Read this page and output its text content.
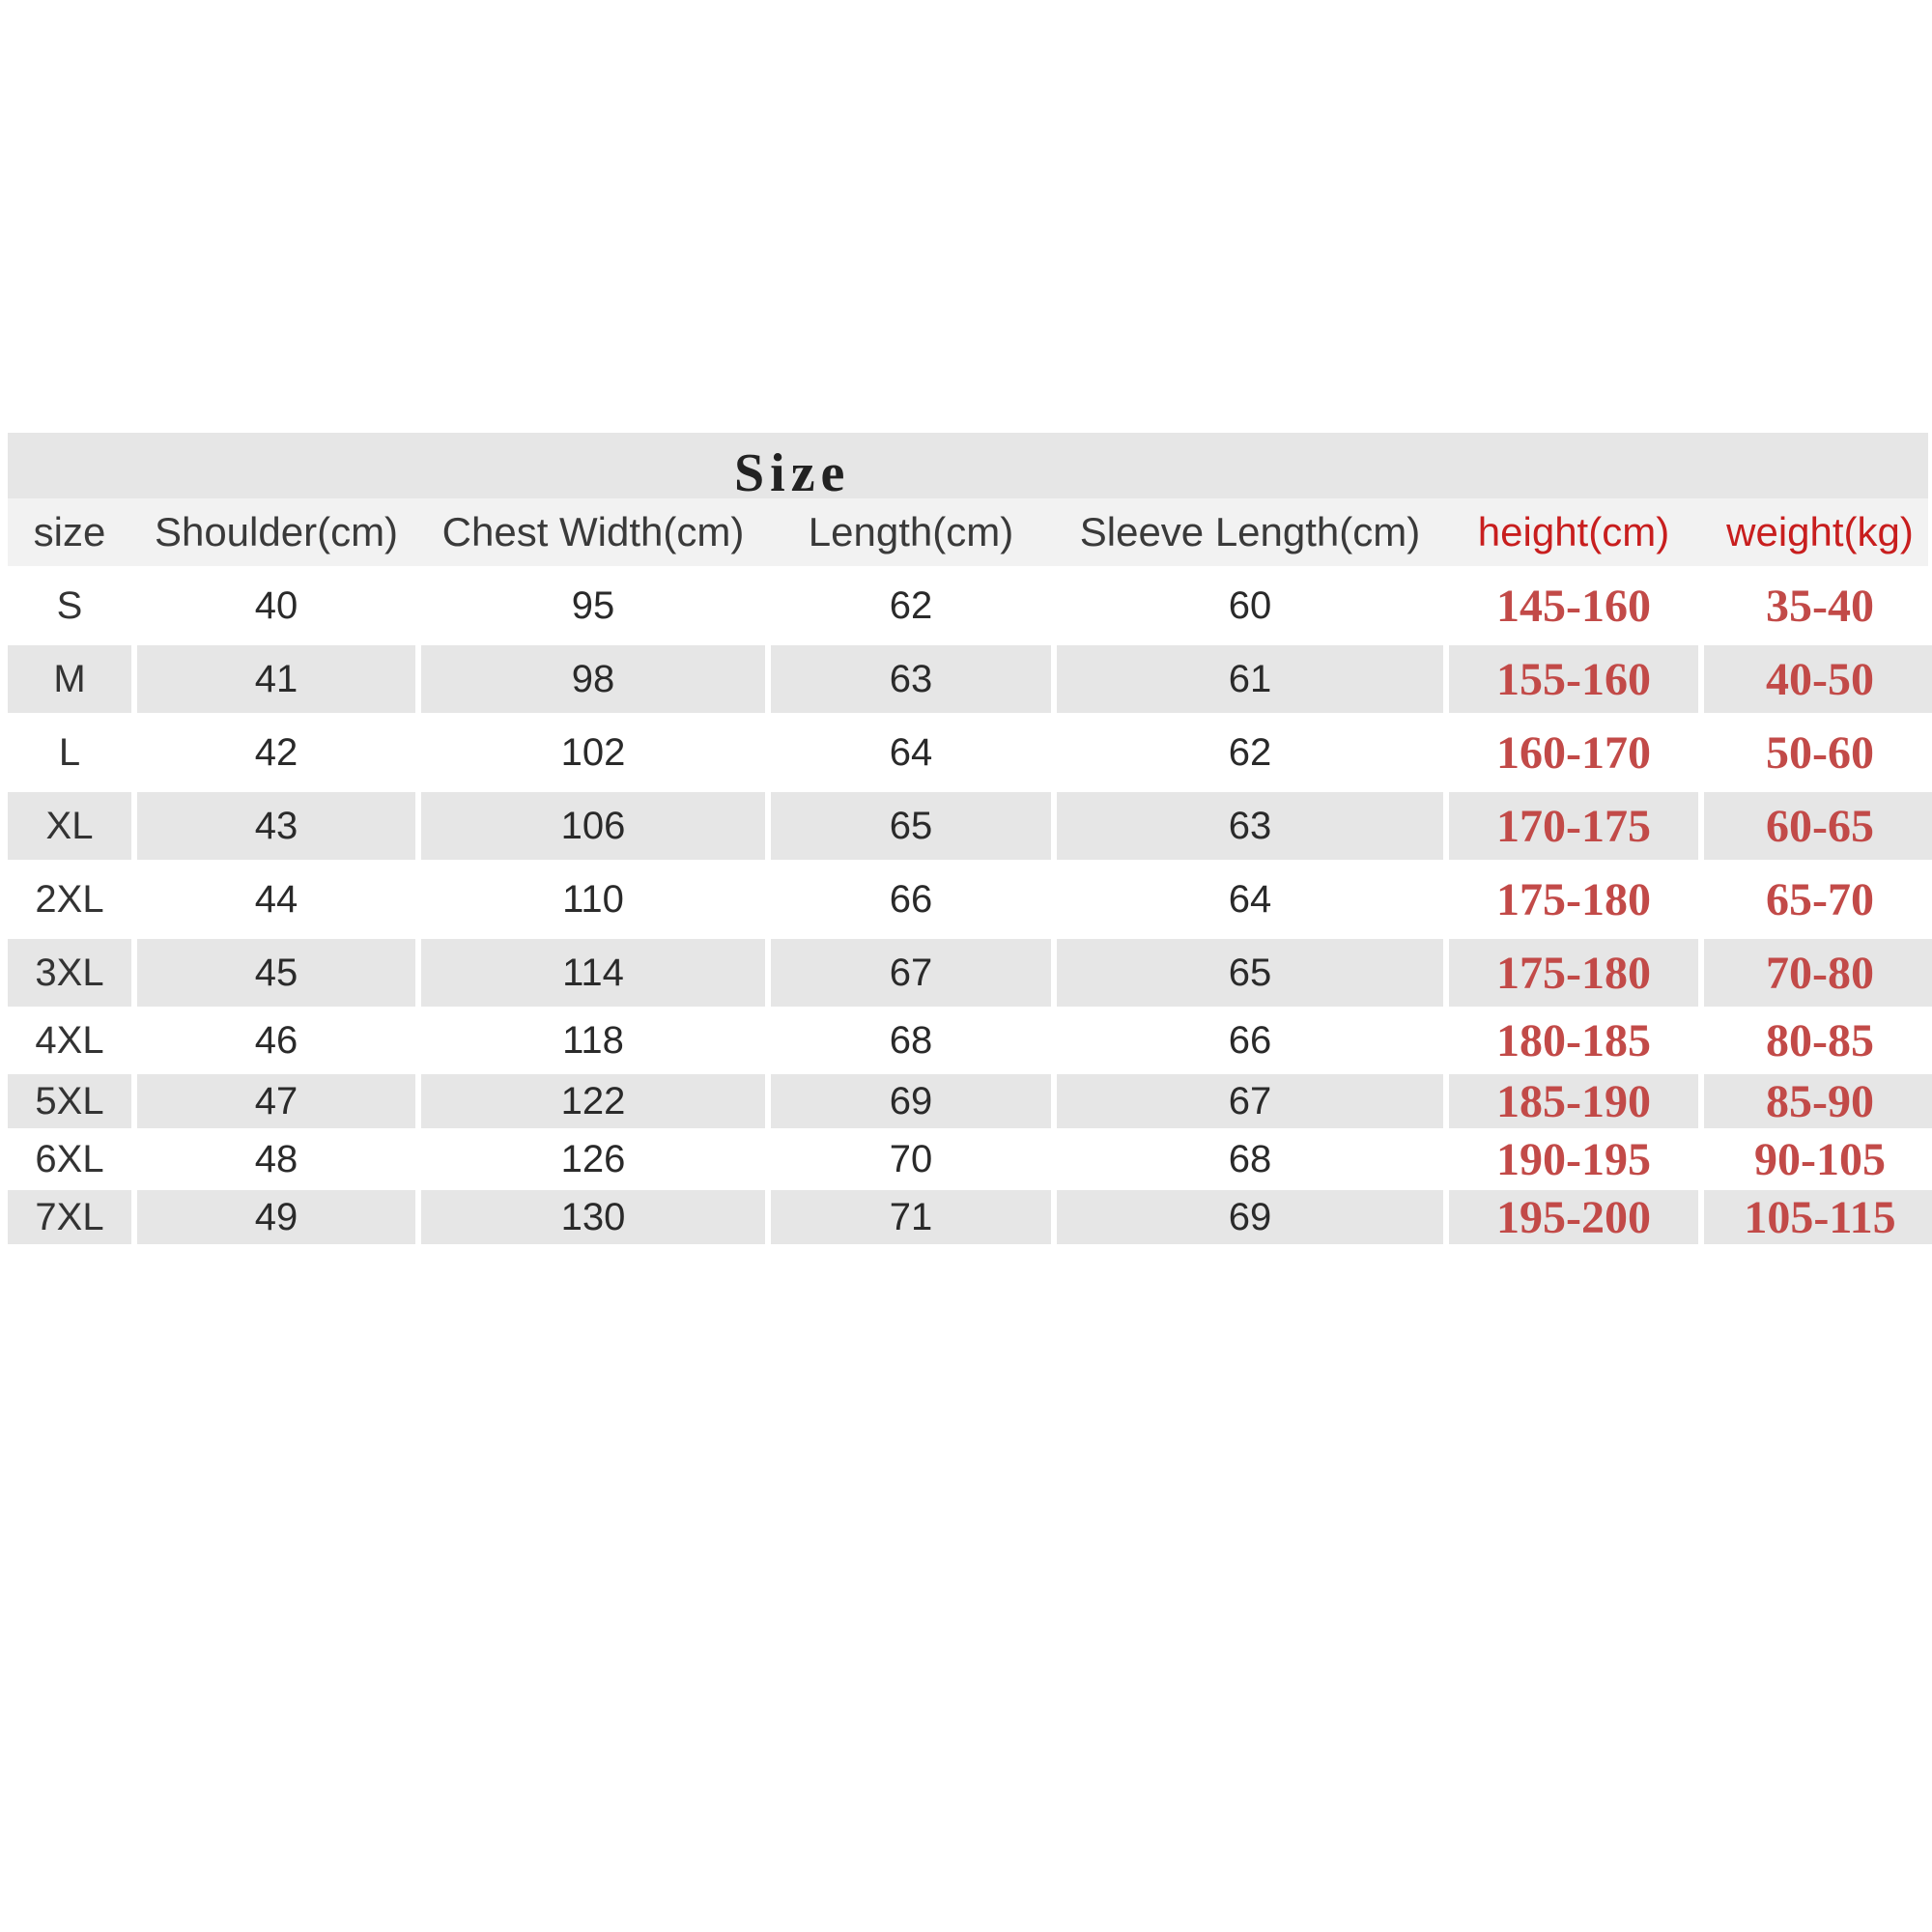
Size
size	Shoulder(cm)	Chest Width(cm)	Length(cm)	Sleeve Length(cm)	height(cm)	weight(kg)
S	40	95	62	60	145-160	35-40
M	41	98	63	61	155-160	40-50
L	42	102	64	62	160-170	50-60
XL	43	106	65	63	170-175	60-65
2XL	44	110	66	64	175-180	65-70
3XL	45	114	67	65	175-180	70-80
4XL	46	118	68	66	180-185	80-85
5XL	47	122	69	67	185-190	85-90
6XL	48	126	70	68	190-195	90-105
7XL	49	130	71	69	195-200	105-115
